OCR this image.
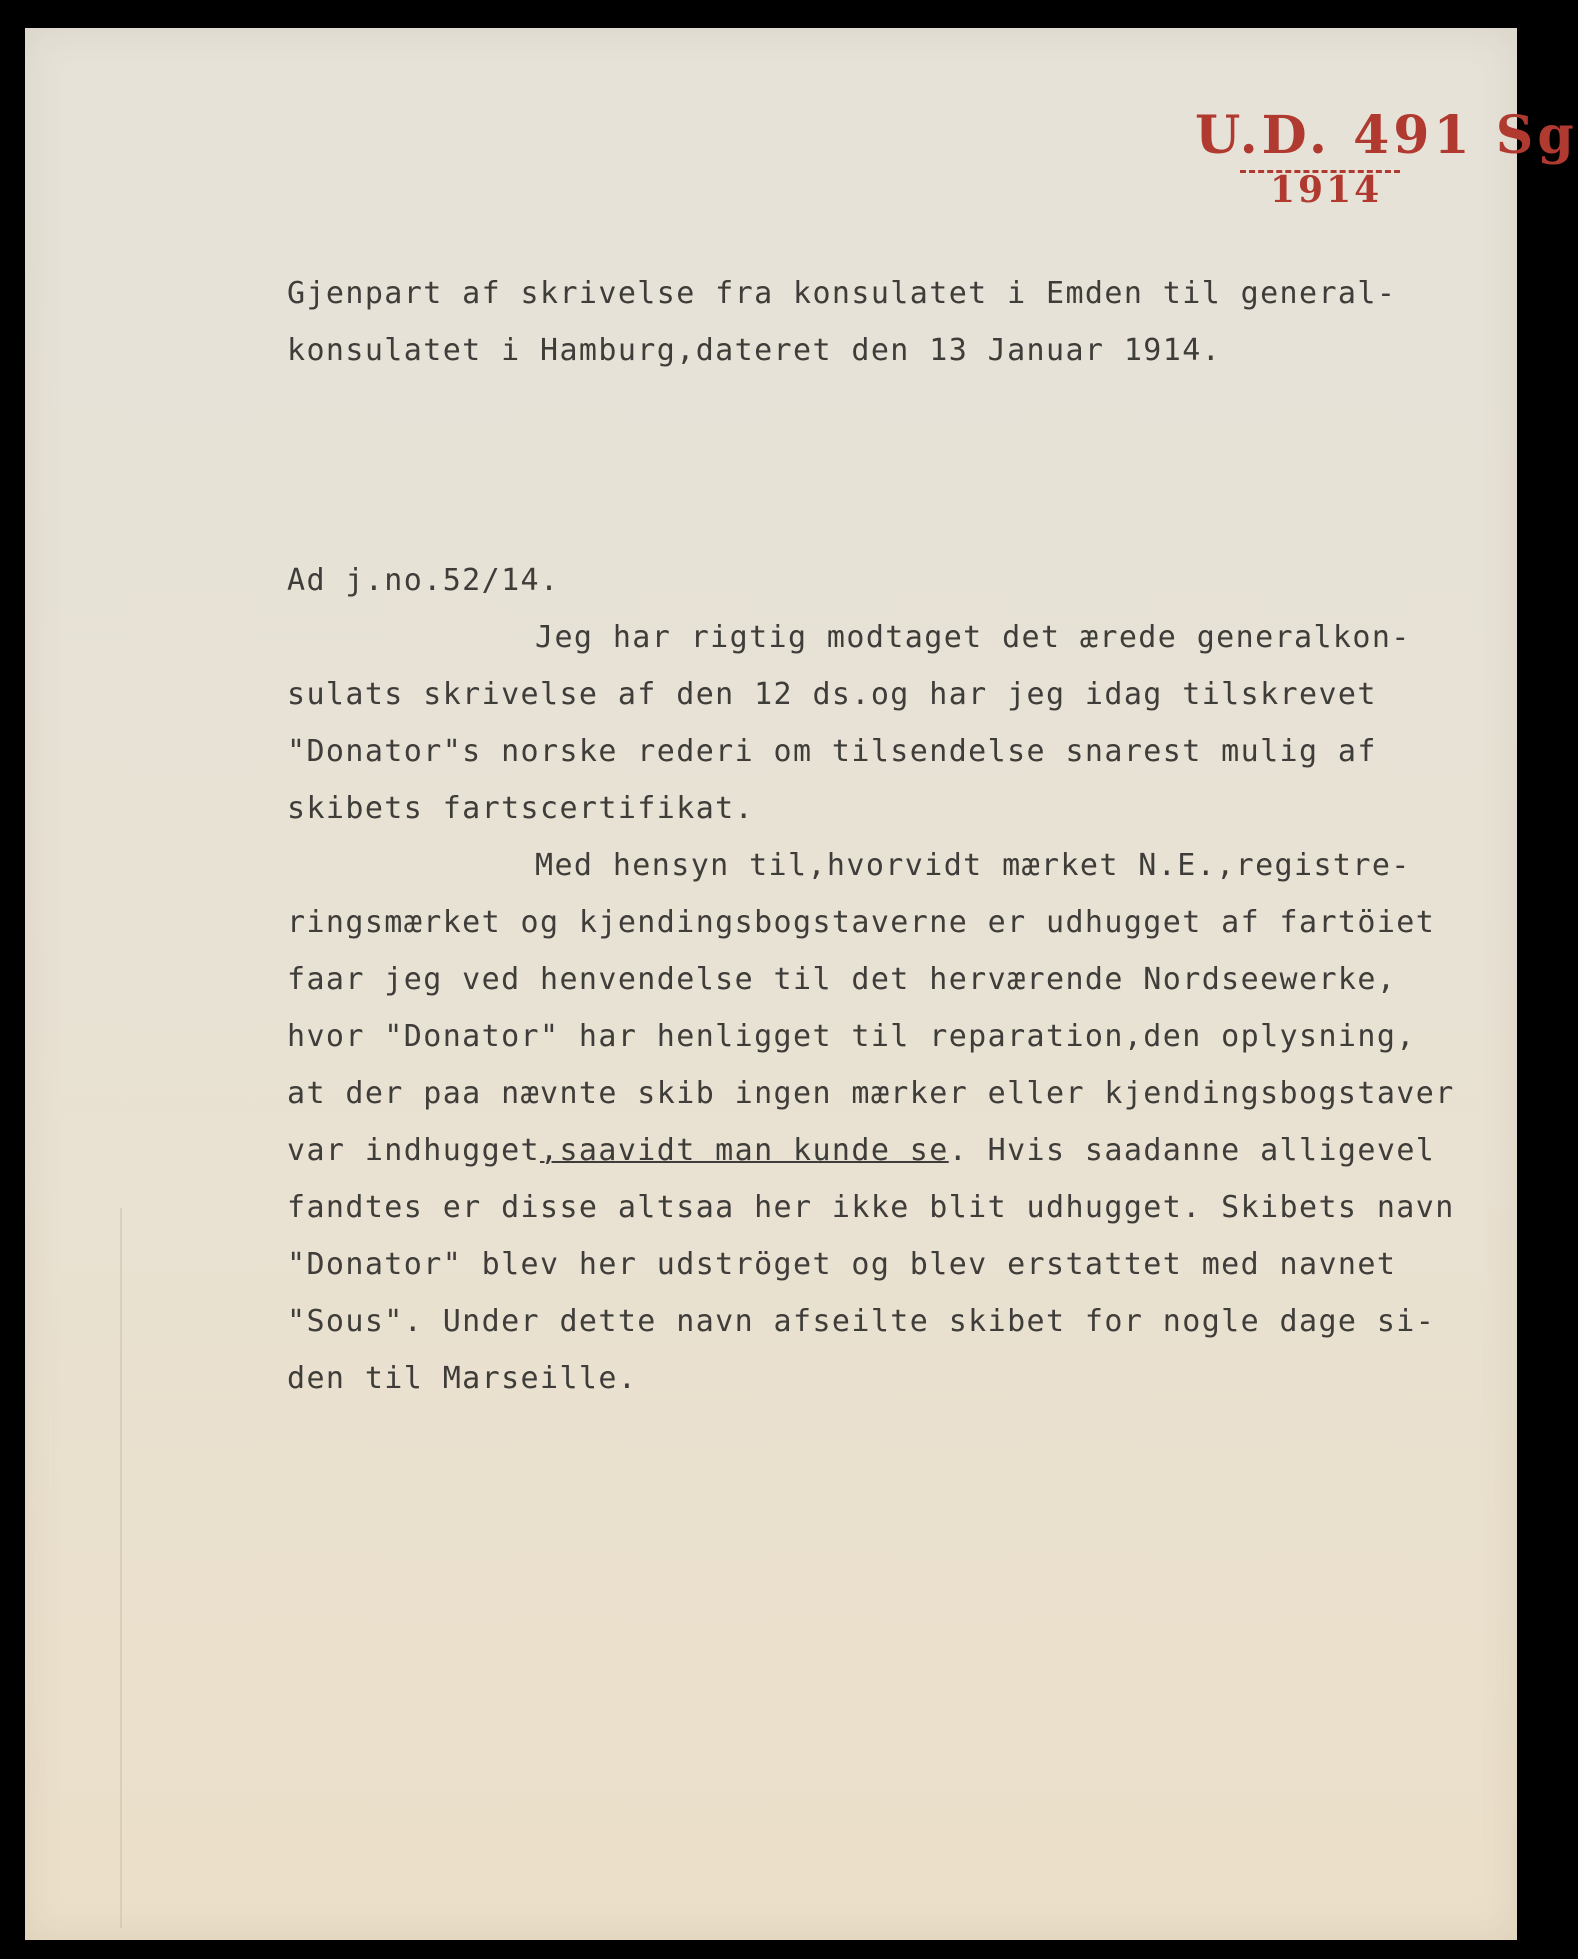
U.D. 491 Sg
1914
Gjenpart af skrivelse fra konsulatet i Emden til general-
konsulatet i Hamburg,dateret den 13 Januar 1914.
Ad j.no.52/14.
Jeg har rigtig modtaget det ærede generalkon-
sulats skrivelse af den 12 ds.og har jeg idag tilskrevet
"Donator"s norske rederi om tilsendelse snarest mulig af
skibets fartscertifikat.
Med hensyn til,hvorvidt mærket N.E.,registre-
ringsmærket og kjendingsbogstaverne er udhugget af fartöiet
faar jeg ved henvendelse til det herværende Nordseewerke,
hvor "Donator" har henligget til reparation,den oplysning,
at der paa nævnte skib ingen mærker eller kjendingsbogstaver
var indhugget,saavidt man kunde se. Hvis saadanne alligevel
fandtes er disse altsaa her ikke blit udhugget. Skibets navn
"Donator" blev her udströget og blev erstattet med navnet
"Sous". Under dette navn afseilte skibet for nogle dage si-
den til Marseille.
